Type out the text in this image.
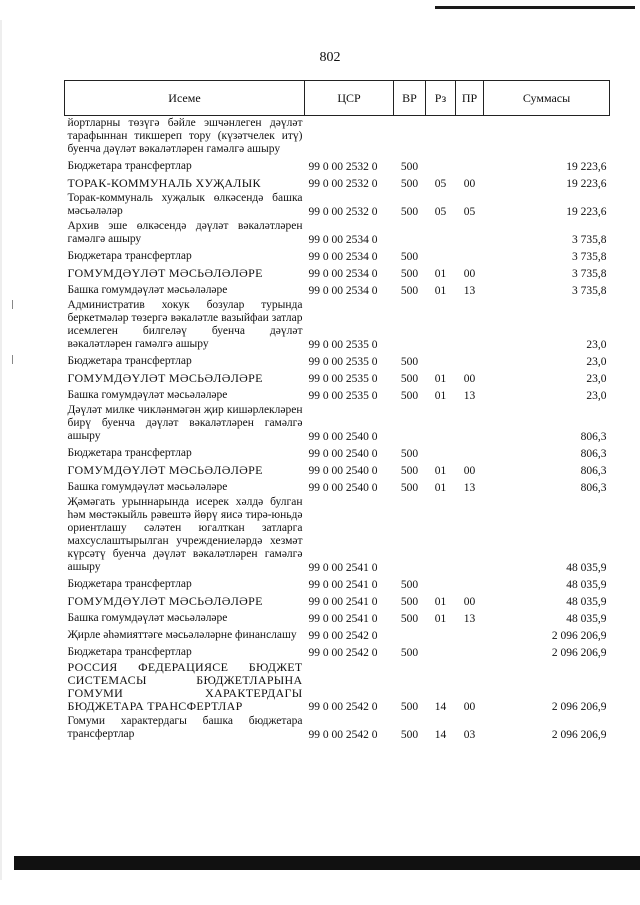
802
Исеме	ЦСР	ВР	Рз	ПР	Суммасы
йортларны төзүгә бәйле эшчәнлеген дәүләт тарафыннан тикшереп тору (күзәтчелек итү) буенча дәүләт вәкаләтләрен гамәлгә ашыру					
Бюджетара трансфертлар	99 0 00 2532 0	500			19 223,6
ТОРАК-КОММУНАЛЬ ХУҖАЛЫК	99 0 00 2532 0	500	05	00	19 223,6
Торак-коммуналь хуҗалык өлкәсендә башка мәсьәләләр	99 0 00 2532 0	500	05	05	19 223,6
Архив эше өлкәсендә дәүләт вәкаләтләрен гамәлгә ашыру	99 0 00 2534 0				3 735,8
Бюджетара трансфертлар	99 0 00 2534 0	500			3 735,8
ГОМУМДӘҮЛӘТ МӘСЬӘЛӘЛӘРЕ	99 0 00 2534 0	500	01	00	3 735,8
Башка гомумдәүләт мәсьәләләре	99 0 00 2534 0	500	01	13	3 735,8
Административ хокук бозулар турында беркетмәләр төзергә вәкаләтле вазыйфаи затлар исемлеген билгеләү буенча дәүләт вәкаләтләрен гамәлгә ашыру	99 0 00 2535 0				23,0
Бюджетара трансфертлар	99 0 00 2535 0	500			23,0
ГОМУМДӘҮЛӘТ МӘСЬӘЛӘЛӘРЕ	99 0 00 2535 0	500	01	00	23,0
Башка гомумдәүләт мәсьәләләре	99 0 00 2535 0	500	01	13	23,0
Дәүләт милке чикләнмәгән җир кишәрлекләрен бирү буенча дәүләт вәкаләтләрен гамәлгә ашыру	99 0 00 2540 0				806,3
Бюджетара трансфертлар	99 0 00 2540 0	500			806,3
ГОМУМДӘҮЛӘТ МӘСЬӘЛӘЛӘРЕ	99 0 00 2540 0	500	01	00	806,3
Башка гомумдәүләт мәсьәләләре	99 0 00 2540 0	500	01	13	806,3
Җәмәгать урыннарында исерек хәлдә булган һәм мөстәкыйль рәвештә йөрү яисә тирә-юньдә ориентлашу сәләтен югалткан затларга махсуслаштырылган учреждениеләрдә хезмәт күрсәтү буенча дәүләт вәкаләтләрен гамәлгә ашыру	99 0 00 2541 0				48 035,9
Бюджетара трансфертлар	99 0 00 2541 0	500			48 035,9
ГОМУМДӘҮЛӘТ МӘСЬӘЛӘЛӘРЕ	99 0 00 2541 0	500	01	00	48 035,9
Башка гомумдәүләт мәсьәләләре	99 0 00 2541 0	500	01	13	48 035,9
Җирле әһәмияттәге мәсьәләләрне финанслашу	99 0 00 2542 0				2 096 206,9
Бюджетара трансфертлар	99 0 00 2542 0	500			2 096 206,9
РОССИЯ ФЕДЕРАЦИЯСЕ БЮДЖЕТ СИСТЕМАСЫ БЮДЖЕТЛАРЫНА ГОМУМИ ХАРАКТЕРДАГЫ БЮДЖЕТАРА ТРАНСФЕРТЛАР	99 0 00 2542 0	500	14	00	2 096 206,9
Гомуми характердагы башка бюджетара трансфертлар	99 0 00 2542 0	500	14	03	2 096 206,9
